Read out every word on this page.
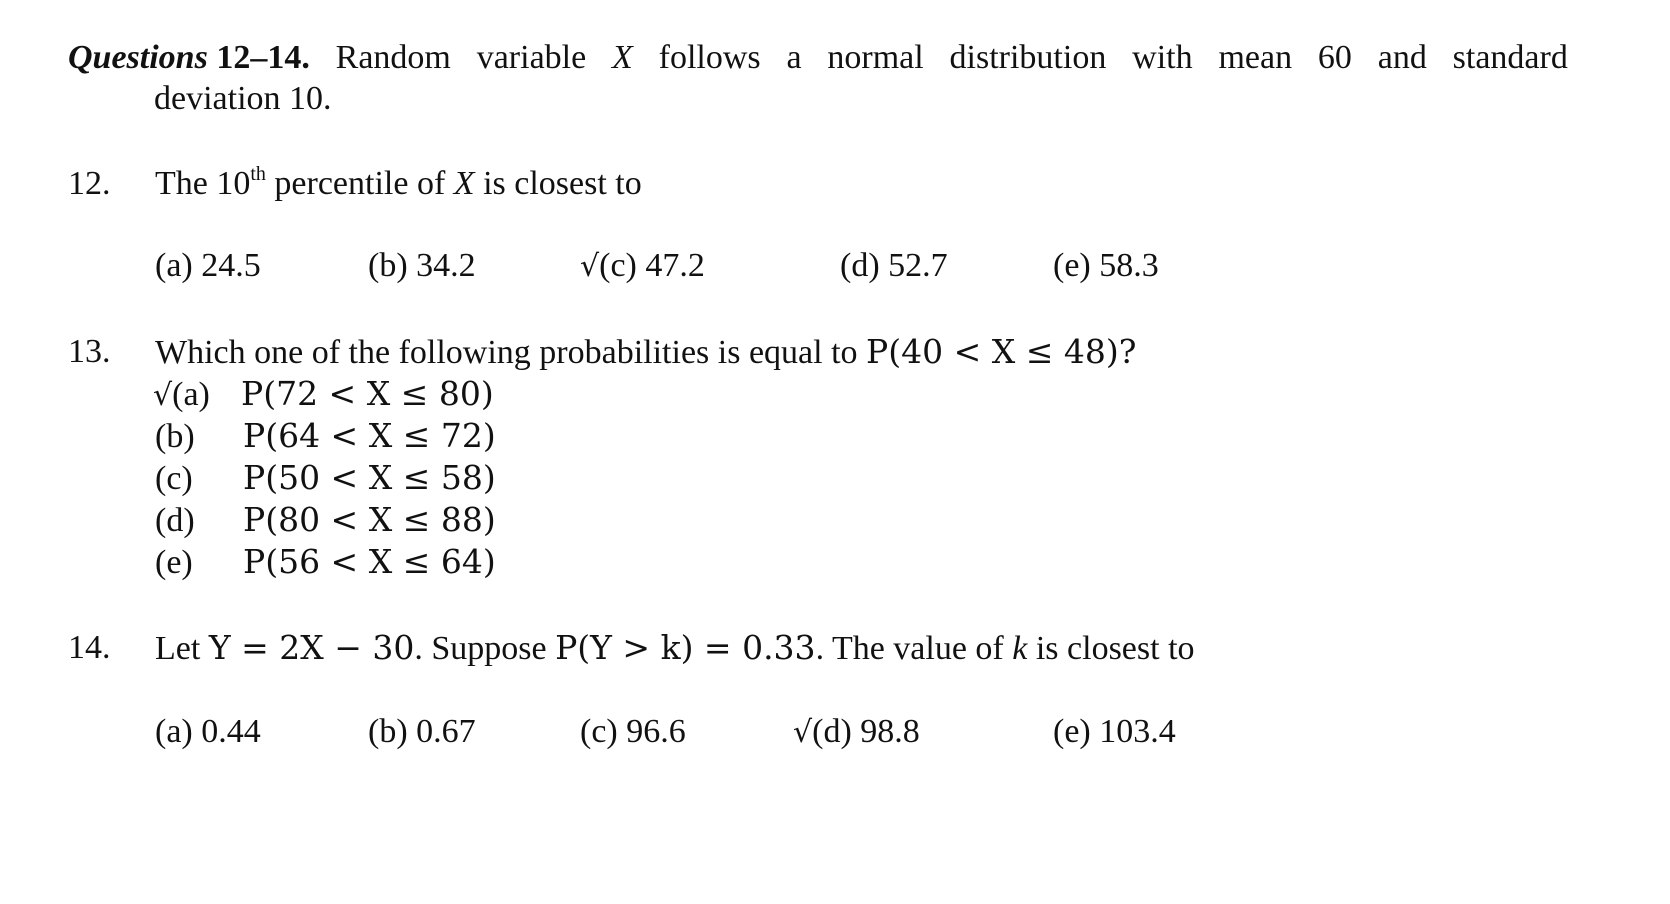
Questions 12–14. Random variable X follows a normal distribution with mean 60 and standard
deviation 10.
12. The 10th percentile of X is closest to
(a) 24.5	(b) 34.2	√(c) 47.2	(d) 52.7	(e) 58.3
13. Which one of the following probabilities is equal to P(40 < X ≤ 48)?
√(a) P(72 < X ≤ 80)
(b) P(64 < X ≤ 72)
(c) P(50 < X ≤ 58)
(d) P(80 < X ≤ 88)
(e) P(56 < X ≤ 64)
14. Let Y = 2X − 30. Suppose P(Y > k) = 0.33. The value of k is closest to
(a) 0.44	(b) 0.67	(c) 96.6	√(d) 98.8	(e) 103.4
